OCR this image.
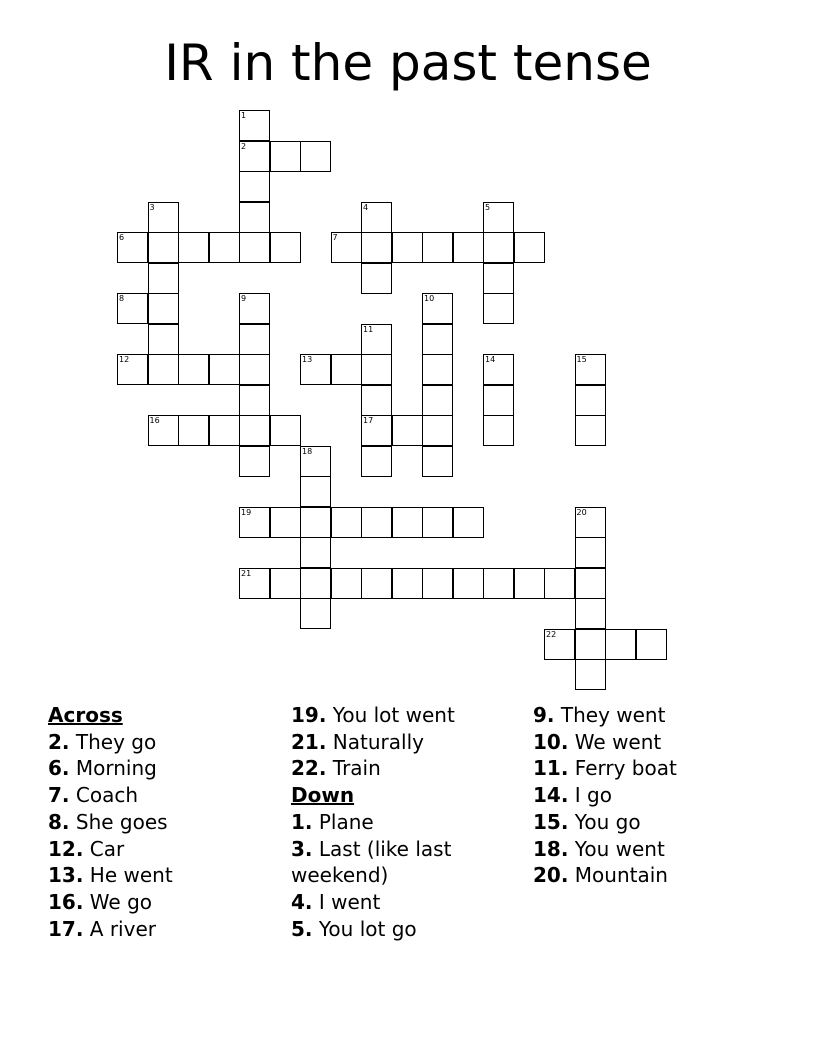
IR in the past tense
1
2
3	4	5
6	7
8	9	10
11
12	13	14	15
16	17
18
19	20
21
22
Across
2. They go
6. Morning
7. Coach
8. She goes
12. Car
13. He went
16. We go
17. A river
19. You lot went
21. Naturally
22. Train
Down
1. Plane
3. Last (like last weekend)
4. I went
5. You lot go
9. They went
10. We went
11. Ferry boat
14. I go
15. You go
18. You went
20. Mountain
